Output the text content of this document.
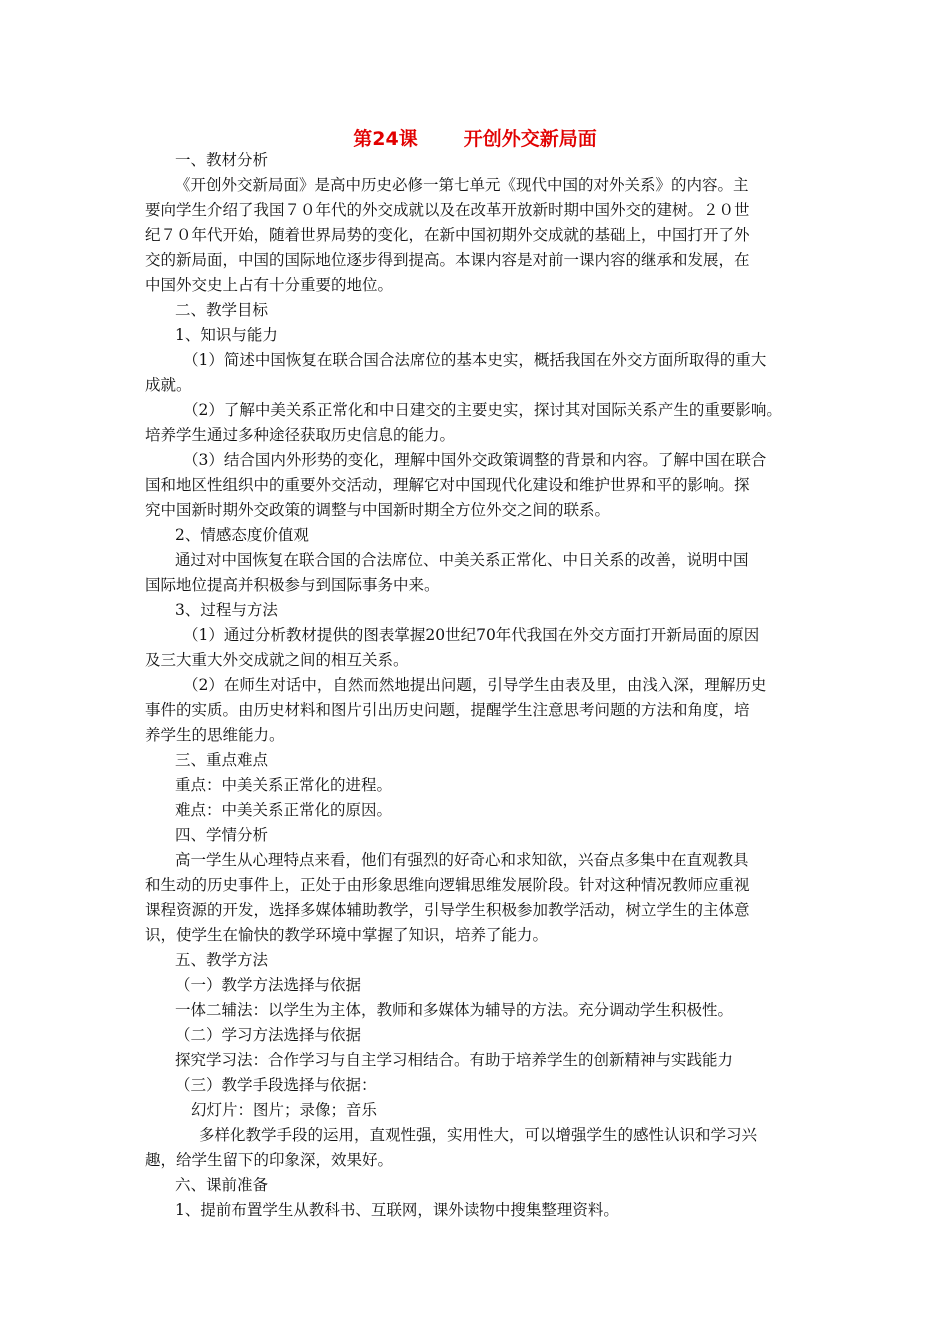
第24课 开创外交新局面
一、教材分析
《开创外交新局面》是高中历史必修一第七单元《现代中国的对外关系》的内容。主
要向学生介绍了我国７０年代的外交成就以及在改革开放新时期中国外交的建树。２０世
纪７０年代开始，随着世界局势的变化，在新中国初期外交成就的基础上，中国打开了外
交的新局面，中国的国际地位逐步得到提高。本课内容是对前一课内容的继承和发展，在
中国外交史上占有十分重要的地位。
二、教学目标
1、知识与能力
（1）简述中国恢复在联合国合法席位的基本史实，概括我国在外交方面所取得的重大
成就。
（2）了解中美关系正常化和中日建交的主要史实，探讨其对国际关系产生的重要影响。
培养学生通过多种途径获取历史信息的能力。
（3）结合国内外形势的变化，理解中国外交政策调整的背景和内容。了解中国在联合
国和地区性组织中的重要外交活动，理解它对中国现代化建设和维护世界和平的影响。探
究中国新时期外交政策的调整与中国新时期全方位外交之间的联系。
2、情感态度价值观
通过对中国恢复在联合国的合法席位、中美关系正常化、中日关系的改善，说明中国
国际地位提高并积极参与到国际事务中来。
3、过程与方法
（1）通过分析教材提供的图表掌握20世纪70年代我国在外交方面打开新局面的原因
及三大重大外交成就之间的相互关系。
（2）在师生对话中，自然而然地提出问题，引导学生由表及里，由浅入深，理解历史
事件的实质。由历史材料和图片引出历史问题，提醒学生注意思考问题的方法和角度，培
养学生的思维能力。
三、重点难点
重点：中美关系正常化的进程。
难点：中美关系正常化的原因。
四、学情分析
高一学生从心理特点来看，他们有强烈的好奇心和求知欲，兴奋点多集中在直观教具
和生动的历史事件上，正处于由形象思维向逻辑思维发展阶段。针对这种情况教师应重视
课程资源的开发，选择多媒体辅助教学，引导学生积极参加教学活动，树立学生的主体意
识，使学生在愉快的教学环境中掌握了知识，培养了能力。
五、教学方法
（一）教学方法选择与依据
一体二辅法：以学生为主体，教师和多媒体为辅导的方法。充分调动学生积极性。
（二）学习方法选择与依据
探究学习法：合作学习与自主学习相结合。有助于培养学生的创新精神与实践能力
（三）教学手段选择与依据：
幻灯片：图片；录像；音乐
多样化教学手段的运用，直观性强，实用性大，可以增强学生的感性认识和学习兴
趣，给学生留下的印象深，效果好。
六、课前准备
1、提前布置学生从教科书、互联网，课外读物中搜集整理资料。
